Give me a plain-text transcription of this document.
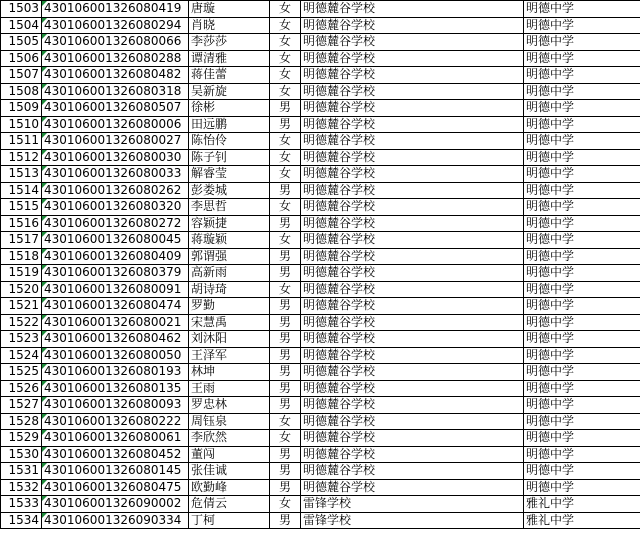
1503	430106001326080419	唐璇	女	明德麓谷学校	明德中学
1504	430106001326080294	肖晓	女	明德麓谷学校	明德中学
1505	430106001326080066	李莎莎	女	明德麓谷学校	明德中学
1506	430106001326080288	谭清雅	女	明德麓谷学校	明德中学
1507	430106001326080482	蒋佳蕾	女	明德麓谷学校	明德中学
1508	430106001326080318	吴新旋	女	明德麓谷学校	明德中学
1509	430106001326080507	徐彬	男	明德麓谷学校	明德中学
1510	430106001326080006	田远鹏	男	明德麓谷学校	明德中学
1511	430106001326080027	陈怡伶	女	明德麓谷学校	明德中学
1512	430106001326080030	陈子钊	女	明德麓谷学校	明德中学
1513	430106001326080033	解睿莹	女	明德麓谷学校	明德中学
1514	430106001326080262	彭娄城	男	明德麓谷学校	明德中学
1515	430106001326080320	李思哲	女	明德麓谷学校	明德中学
1516	430106001326080272	容颖捷	男	明德麓谷学校	明德中学
1517	430106001326080045	蒋璇颖	女	明德麓谷学校	明德中学
1518	430106001326080409	郭谓强	男	明德麓谷学校	明德中学
1519	430106001326080379	高新雨	男	明德麓谷学校	明德中学
1520	430106001326080091	胡诗琦	女	明德麓谷学校	明德中学
1521	430106001326080474	罗勤	男	明德麓谷学校	明德中学
1522	430106001326080021	宋慧禹	男	明德麓谷学校	明德中学
1523	430106001326080462	刘沐阳	男	明德麓谷学校	明德中学
1524	430106001326080050	王泽军	男	明德麓谷学校	明德中学
1525	430106001326080193	林坤	男	明德麓谷学校	明德中学
1526	430106001326080135	王雨	男	明德麓谷学校	明德中学
1527	430106001326080093	罗忠林	男	明德麓谷学校	明德中学
1528	430106001326080222	周钰泉	女	明德麓谷学校	明德中学
1529	430106001326080061	李欣然	女	明德麓谷学校	明德中学
1530	430106001326080452	董闯	男	明德麓谷学校	明德中学
1531	430106001326080145	张佳诚	男	明德麓谷学校	明德中学
1532	430106001326080475	欧勤峰	男	明德麓谷学校	明德中学
1533	430106001326090002	危倩云	女	雷锋学校	雅礼中学
1534	430106001326090334	丁柯	男	雷锋学校	雅礼中学
